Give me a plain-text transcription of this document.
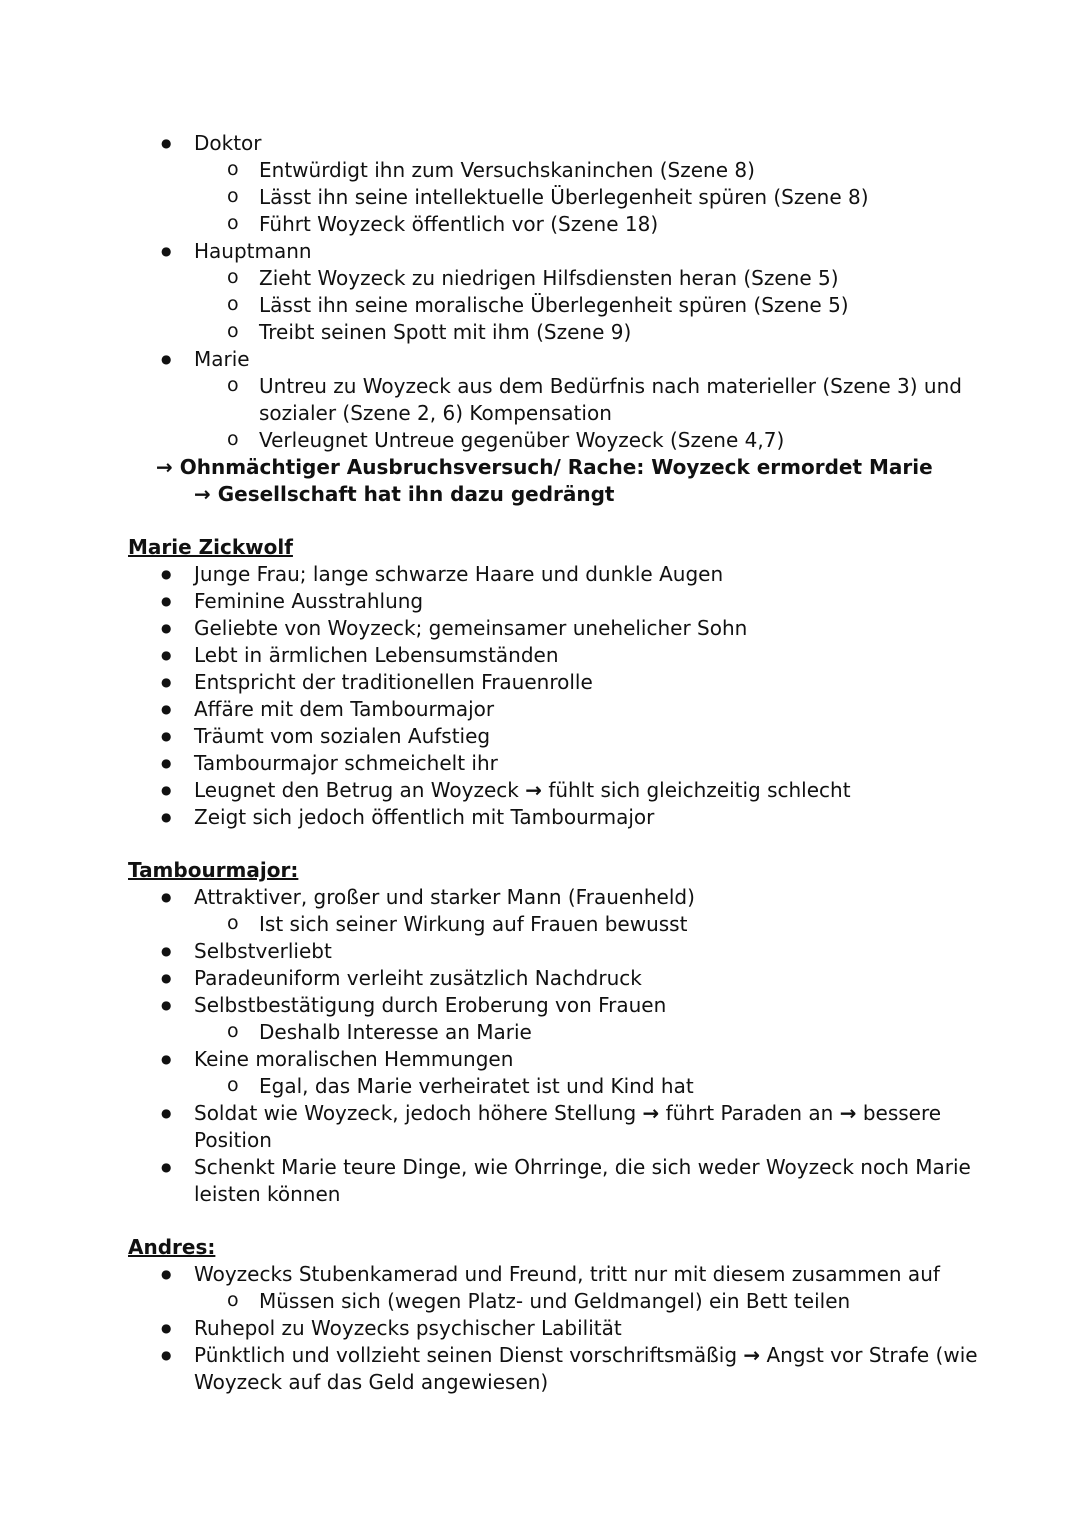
● Doktor
o Entwürdigt ihn zum Versuchskaninchen (Szene 8)
o Lässt ihn seine intellektuelle Überlegenheit spüren (Szene 8)
o Führt Woyzeck öffentlich vor (Szene 18)
● Hauptmann
o Zieht Woyzeck zu niedrigen Hilfsdiensten heran (Szene 5)
o Lässt ihn seine moralische Überlegenheit spüren (Szene 5)
o Treibt seinen Spott mit ihm (Szene 9)
● Marie
o Untreu zu Woyzeck aus dem Bedürfnis nach materieller (Szene 3) und
sozialer (Szene 2, 6) Kompensation
o Verleugnet Untreue gegenüber Woyzeck (Szene 4,7)
→ Ohnmächtiger Ausbruchsversuch/ Rache: Woyzeck ermordet Marie
→ Gesellschaft hat ihn dazu gedrängt
Marie Zickwolf
● Junge Frau; lange schwarze Haare und dunkle Augen
● Feminine Ausstrahlung
● Geliebte von Woyzeck; gemeinsamer unehelicher Sohn
● Lebt in ärmlichen Lebensumständen
● Entspricht der traditionellen Frauenrolle
● Affäre mit dem Tambourmajor
● Träumt vom sozialen Aufstieg
● Tambourmajor schmeichelt ihr
● Leugnet den Betrug an Woyzeck → fühlt sich gleichzeitig schlecht
● Zeigt sich jedoch öffentlich mit Tambourmajor
Tambourmajor:
● Attraktiver, großer und starker Mann (Frauenheld)
o Ist sich seiner Wirkung auf Frauen bewusst
● Selbstverliebt
● Paradeuniform verleiht zusätzlich Nachdruck
● Selbstbestätigung durch Eroberung von Frauen
o Deshalb Interesse an Marie
● Keine moralischen Hemmungen
o Egal, das Marie verheiratet ist und Kind hat
● Soldat wie Woyzeck, jedoch höhere Stellung → führt Paraden an → bessere
Position
● Schenkt Marie teure Dinge, wie Ohrringe, die sich weder Woyzeck noch Marie
leisten können
Andres:
● Woyzecks Stubenkamerad und Freund, tritt nur mit diesem zusammen auf
o Müssen sich (wegen Platz- und Geldmangel) ein Bett teilen
● Ruhepol zu Woyzecks psychischer Labilität
● Pünktlich und vollzieht seinen Dienst vorschriftsmäßig → Angst vor Strafe (wie
Woyzeck auf das Geld angewiesen)
